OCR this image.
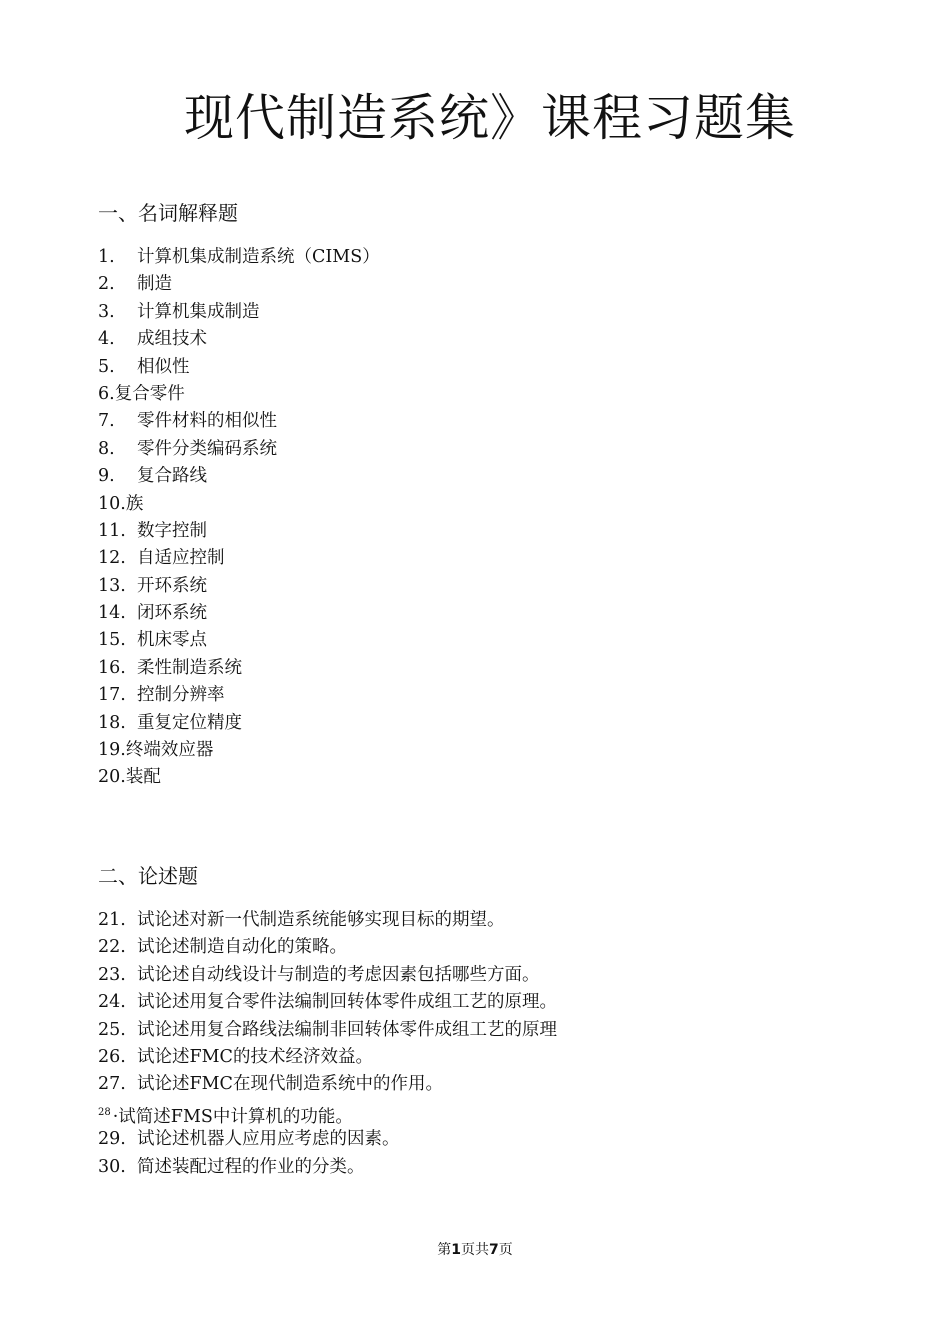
现代制造系统》课程习题集
一、名词解释题
1. 计算机集成制造系统（CIMS）
2. 制造
3. 计算机集成制造
4. 成组技术
5. 相似性
6.复合零件
7. 零件材料的相似性
8. 零件分类编码系统
9. 复合路线
10.族
11. 数字控制
12. 自适应控制
13. 开环系统
14. 闭环系统
15. 机床零点
16. 柔性制造系统
17. 控制分辨率
18. 重复定位精度
19.终端效应器
20.装配
二、论述题
21. 试论述对新一代制造系统能够实现目标的期望。
22. 试论述制造自动化的策略。
23. 试论述自动线设计与制造的考虑因素包括哪些方面。
24. 试论述用复合零件法编制回转体零件成组工艺的原理。
25. 试论述用复合路线法编制非回转体零件成组工艺的原理
26. 试论述FMC的技术经济效益。
27. 试论述FMC在现代制造系统中的作用。
28 ·试简述FMS中计算机的功能。
29. 试论述机器人应用应考虑的因素。
30. 简述装配过程的作业的分类。
第1页共7页
